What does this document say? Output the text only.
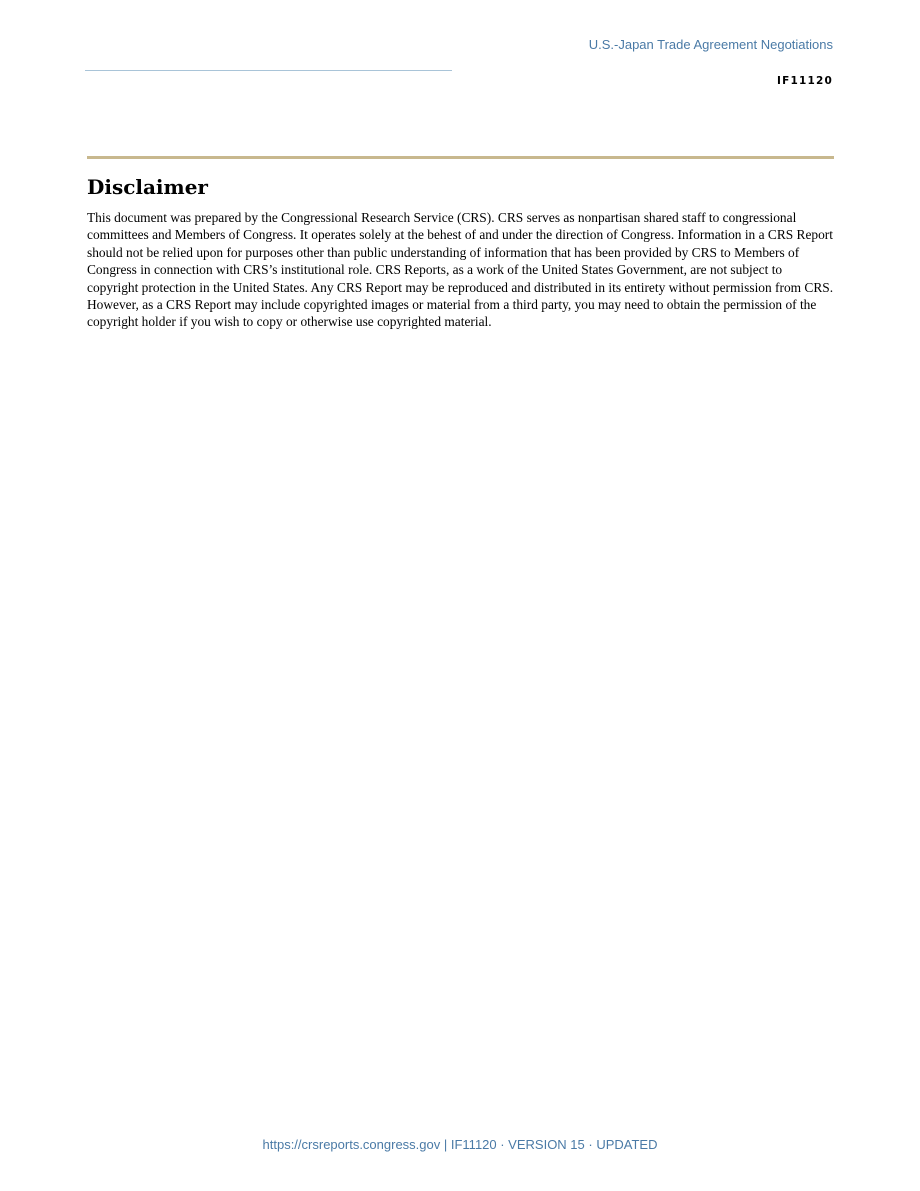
U.S.-Japan Trade Agreement Negotiations
IF11120
Disclaimer

This document was prepared by the Congressional Research Service (CRS). CRS serves as nonpartisan shared staff to congressional committees and Members of Congress. It operates solely at the behest of and under the direction of Congress. Information in a CRS Report should not be relied upon for purposes other than public understanding of information that has been provided by CRS to Members of Congress in connection with CRS’s institutional role. CRS Reports, as a work of the United States Government, are not subject to copyright protection in the United States. Any CRS Report may be reproduced and distributed in its entirety without permission from CRS. However, as a CRS Report may include copyrighted images or material from a third party, you may need to obtain the permission of the copyright holder if you wish to copy or otherwise use copyrighted material.

https://crsreports.congress.gov | IF11120 · VERSION 15 · UPDATED
